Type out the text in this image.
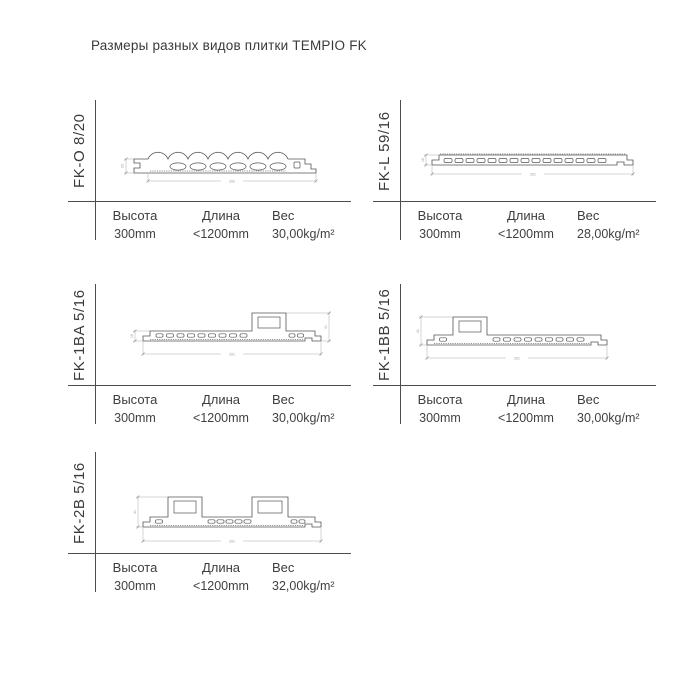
Размеры разных видов плитки TEMPIO FK
FK-O 8/20	20
292
Высота	Длина	Вес
300mm	<1200mm	30,00kg/m²
FK-L 59/16	16
291
Высота	Длина	Вес
300mm	<1200mm	28,00kg/m²
FK-1BA 5/16	16
41
291
Высота	Длина	Вес
300mm	<1200mm	30,00kg/m²
FK-1BB 5/16	41
291
Высота	Длина	Вес
300mm	<1200mm	30,00kg/m²
FK-2B 5/16	41
291
Высота	Длина	Вес
300mm	<1200mm	32,00kg/m²
